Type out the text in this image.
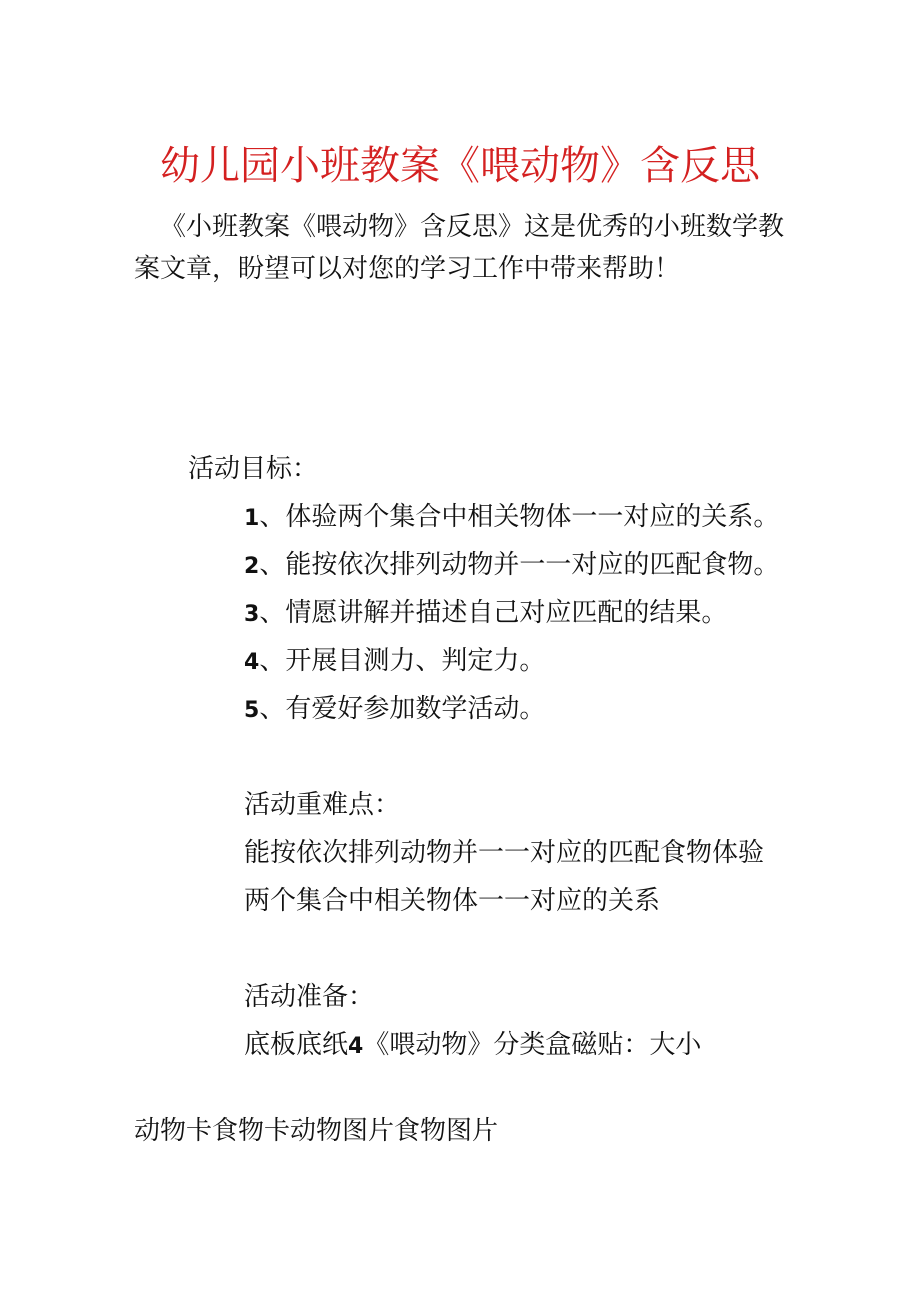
幼儿园小班教案《喂动物》含反思

《小班教案《喂动物》含反思》这是优秀的小班数学教
案文章，盼望可以对您的学习工作中带来帮助！

活动目标：

1、体验两个集合中相关物体一一对应的关系。

2、能按依次排列动物并一一对应的匹配食物。

3、情愿讲解并描述自己对应匹配的结果。

4、开展目测力、判定力。

5、有爱好参加数学活动。

活动重难点：

能按依次排列动物并一一对应的匹配食物体验

两个集合中相关物体一一对应的关系

活动准备：

底板底纸4《喂动物》分类盒磁贴：大小

动物卡食物卡动物图片食物图片
